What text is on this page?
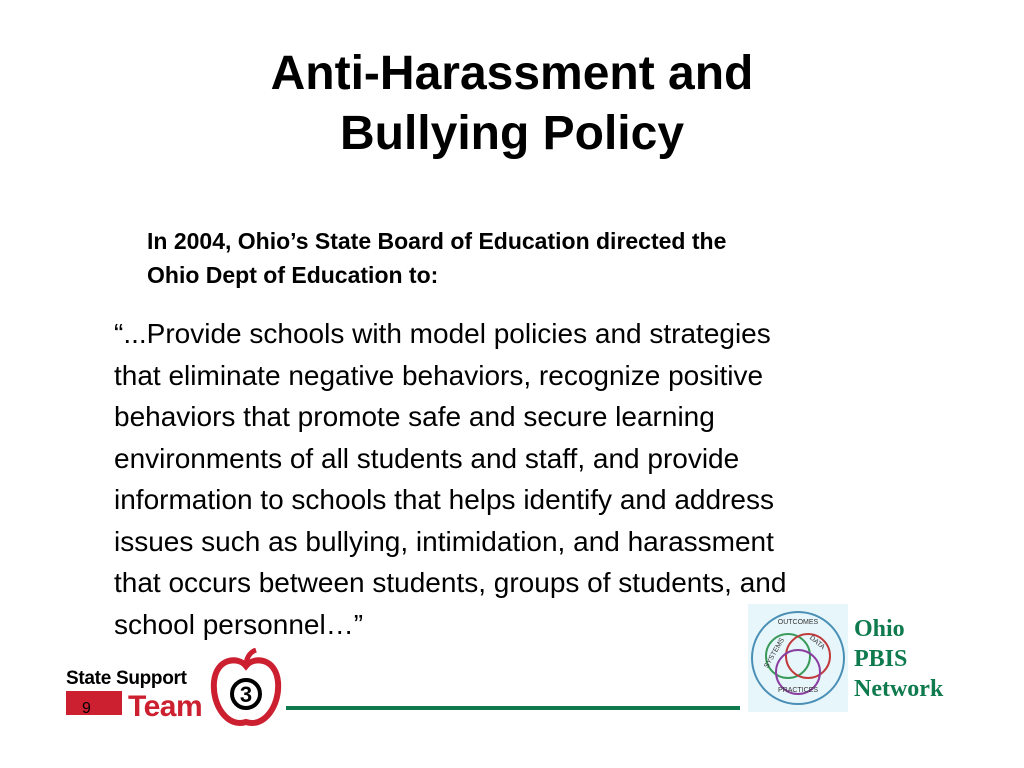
Anti-Harassment and
Bullying Policy
In 2004, Ohio’s State Board of Education directed the
Ohio Dept of Education to:
“...Provide schools with model policies and strategies
that eliminate negative behaviors, recognize positive
behaviors that promote safe and secure learning
environments of all students and staff, and provide
information to schools that helps identify and address
issues such as bullying, intimidation, and harassment
that occurs between students, groups of students, and
school personnel…”
State Support
Team 3
9
OUTCOMES
DATA
SYSTEMS
PRACTICES
Ohio
PBIS
Network
